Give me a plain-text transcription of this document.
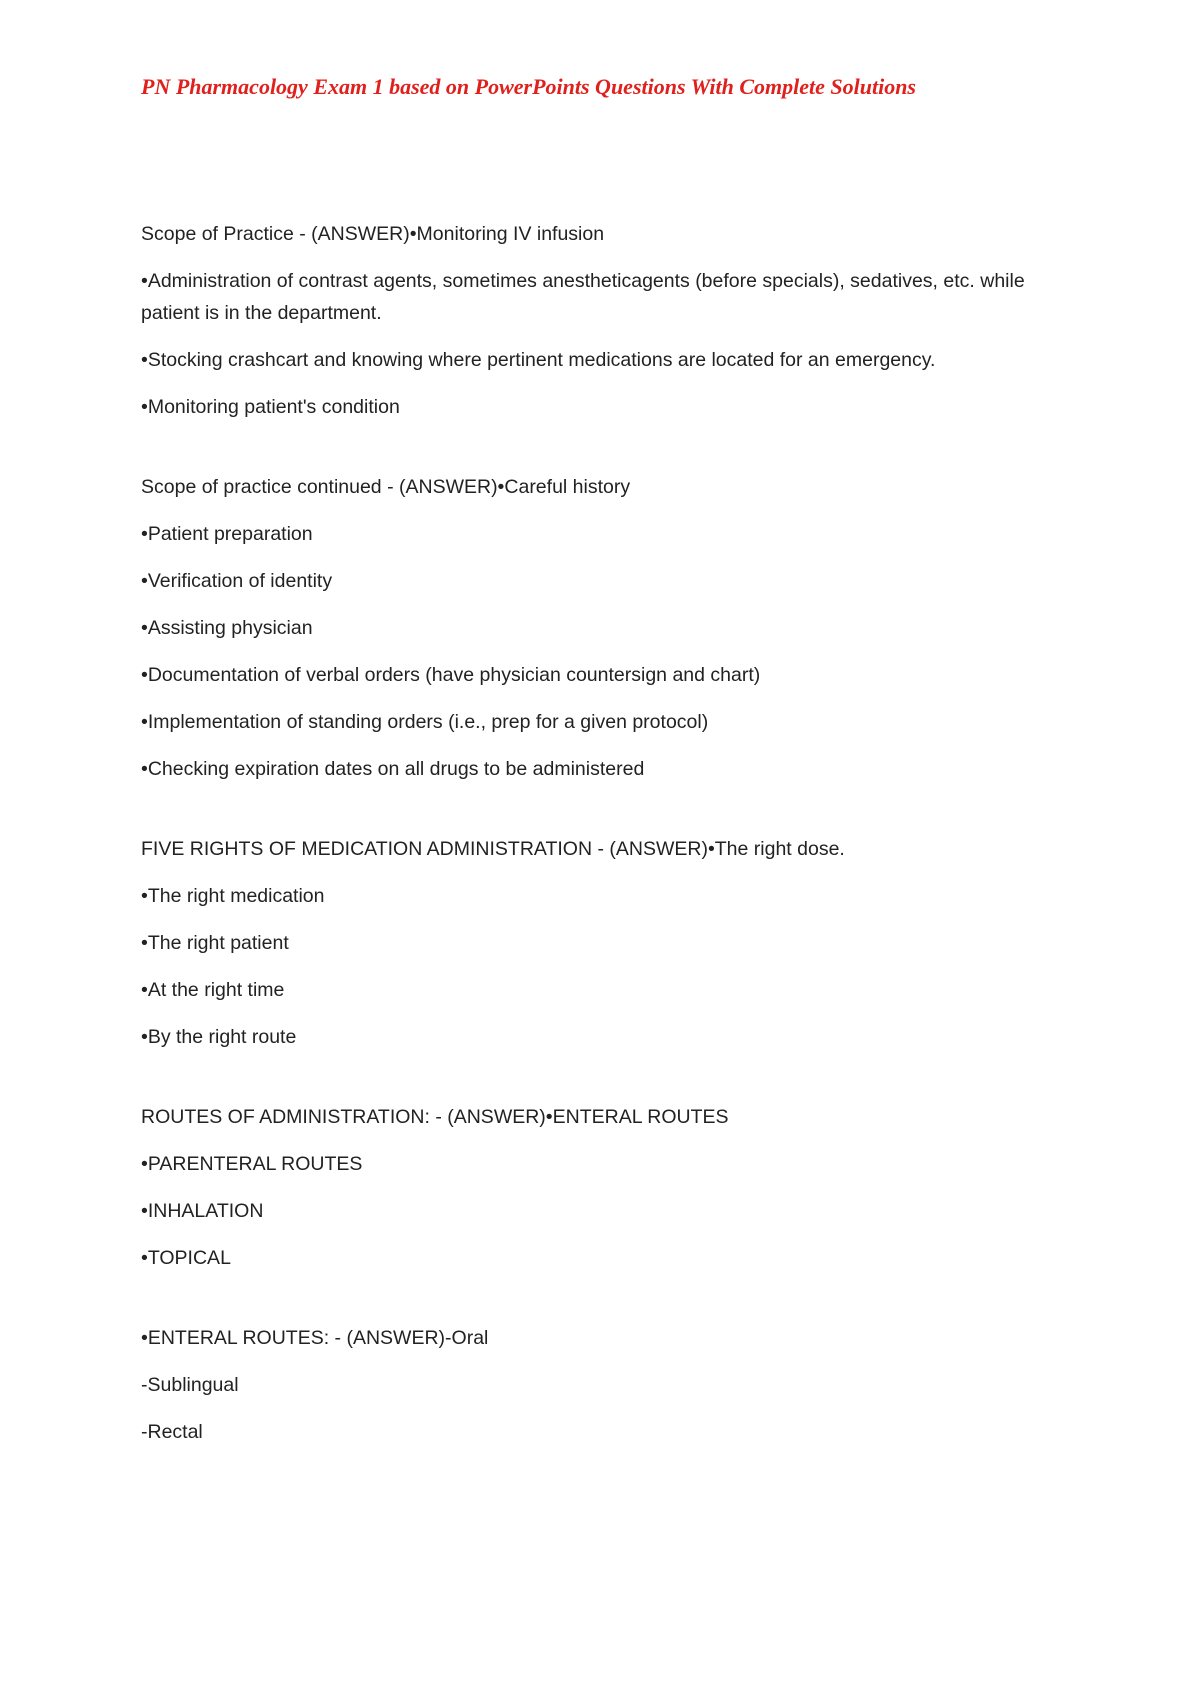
PN Pharmacology Exam 1 based on PowerPoints Questions With Complete Solutions

Scope of Practice - (ANSWER)•Monitoring IV infusion

•Administration of contrast agents, sometimes anestheticagents (before specials), sedatives, etc. while patient is in the department.

•Stocking crashcart and knowing where pertinent medications are located for an emergency.

•Monitoring patient's condition

Scope of practice continued - (ANSWER)•Careful history

•Patient preparation

•Verification of identity

•Assisting physician

•Documentation of verbal orders (have physician countersign and chart)

•Implementation of standing orders (i.e., prep for a given protocol)

•Checking expiration dates on all drugs to be administered

FIVE RIGHTS OF MEDICATION ADMINISTRATION - (ANSWER)•The right dose.

•The right medication

•The right patient

•At the right time

•By the right route

ROUTES OF ADMINISTRATION: - (ANSWER)•ENTERAL ROUTES

•PARENTERAL ROUTES

•INHALATION

•TOPICAL

•ENTERAL ROUTES: - (ANSWER)-Oral

-Sublingual

-Rectal
